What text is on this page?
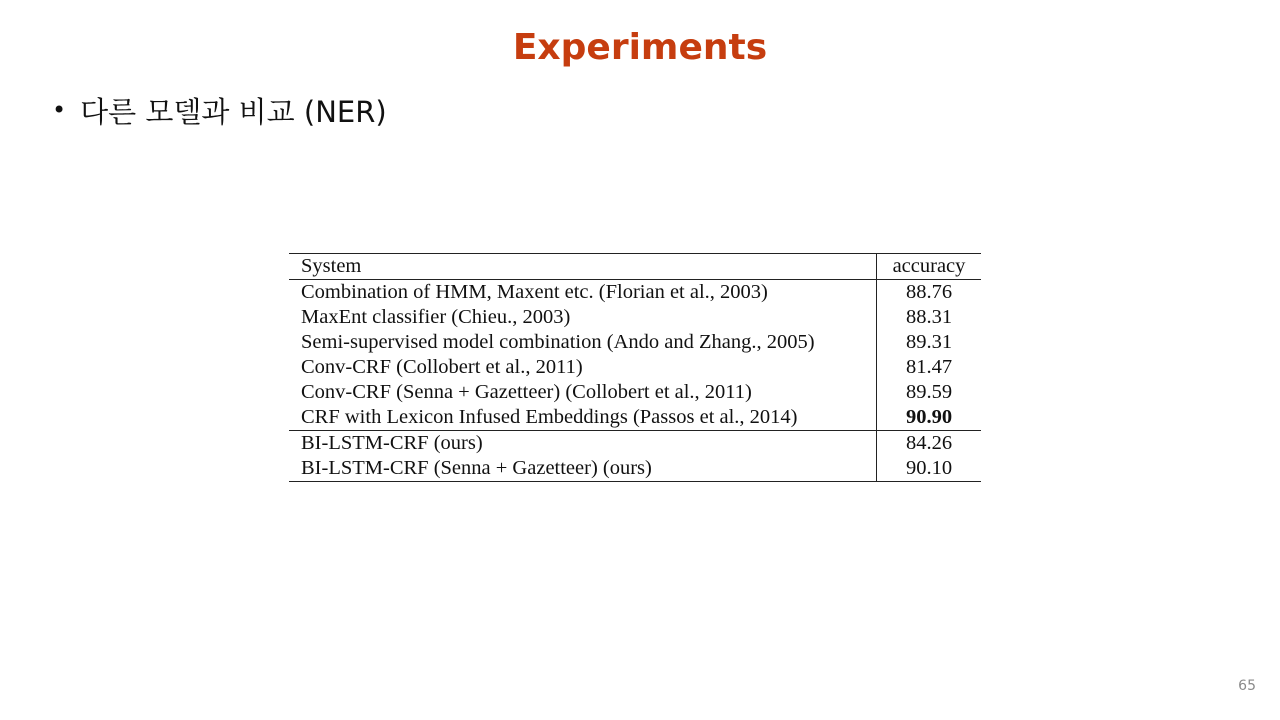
Experiments
• 다른 모델과 비교 (NER)
System	accuracy
Combination of HMM, Maxent etc. (Florian et al., 2003)	88.76
MaxEnt classifier (Chieu., 2003)	88.31
Semi-supervised model combination (Ando and Zhang., 2005)	89.31
Conv-CRF (Collobert et al., 2011)	81.47
Conv-CRF (Senna + Gazetteer) (Collobert et al., 2011)	89.59
CRF with Lexicon Infused Embeddings (Passos et al., 2014)	90.90
BI-LSTM-CRF (ours)	84.26
BI-LSTM-CRF (Senna + Gazetteer) (ours)	90.10
65
